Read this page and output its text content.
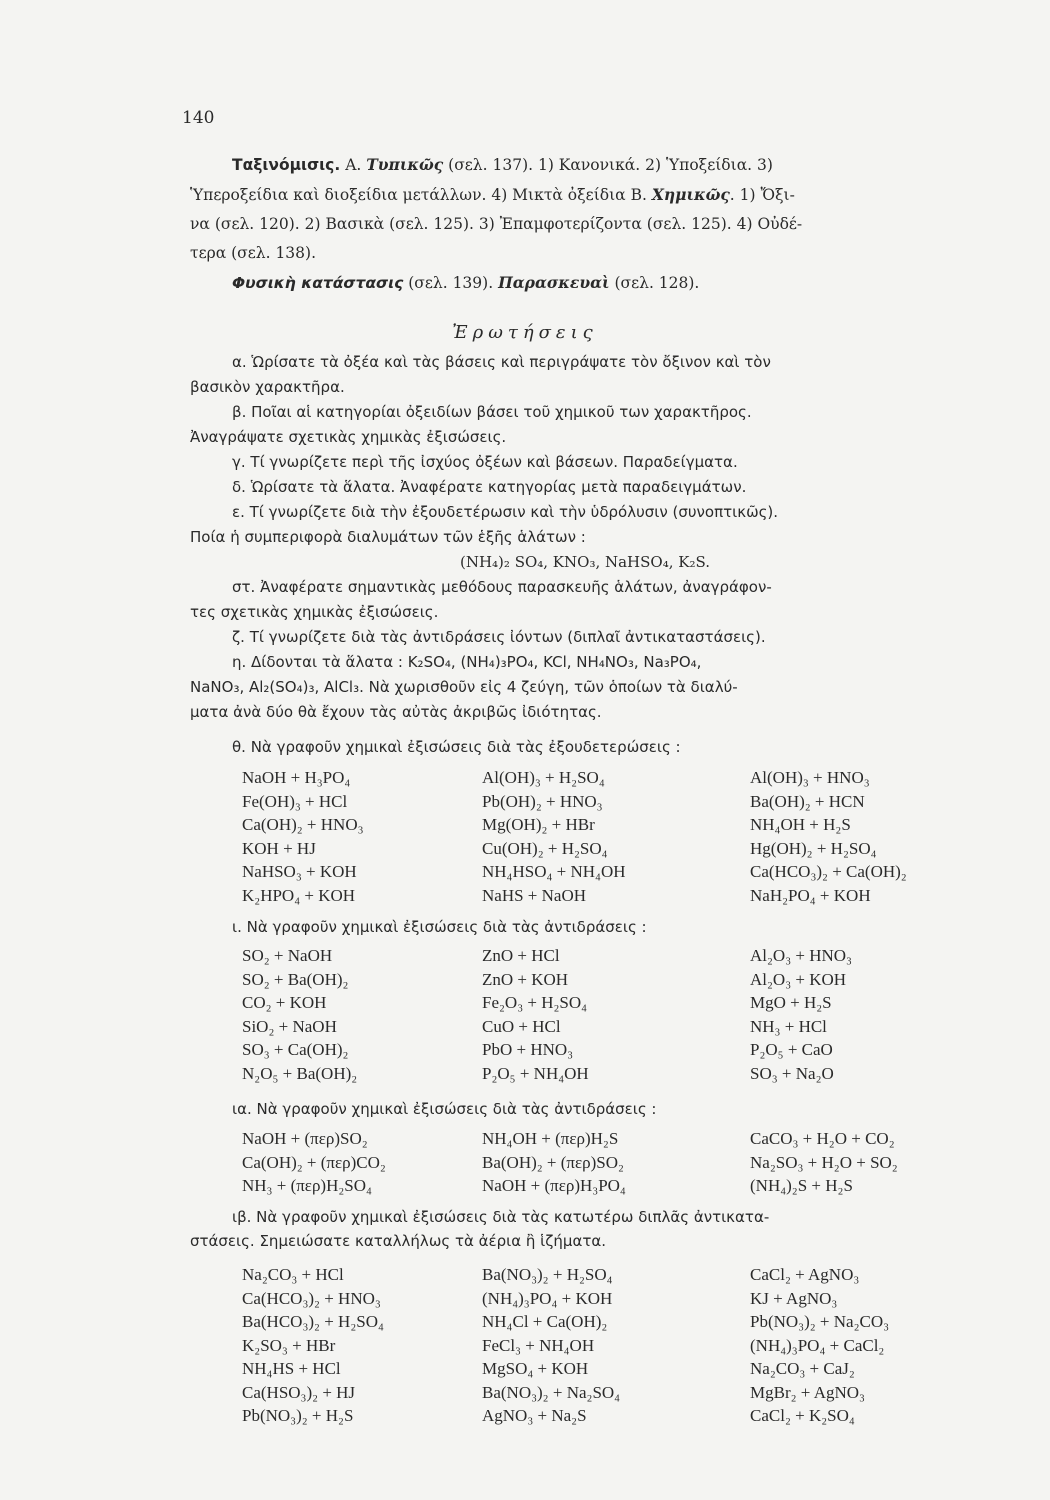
140
Ταξινόμισις. Α. Τυπικῶς (σελ. 137). 1) Κανονικά. 2) Ὑποξείδια. 3)
Ὑπεροξείδια καὶ διοξείδια μετάλλων. 4) Μικτὰ ὀξείδια Β. Χημικῶς. 1) Ὄξι-
να (σελ. 120). 2) Βασικὰ (σελ. 125). 3) Ἐπαμφοτερίζοντα (σελ. 125). 4) Οὐδέ-
τερα (σελ. 138).
Φυσικὴ κατάστασις (σελ. 139). Παρασκευαὶ (σελ. 128).
Ἐρωτήσεις
α. Ὡρίσατε τὰ ὀξέα καὶ τὰς βάσεις καὶ περιγράψατε τὸν ὄξινον καὶ τὸν
βασικὸν χαρακτῆρα.
β. Ποῖαι αἱ κατηγορίαι ὀξειδίων βάσει τοῦ χημικοῦ των χαρακτῆρος.
Ἀναγράψατε σχετικὰς χημικὰς ἐξισώσεις.
γ. Τί γνωρίζετε περὶ τῆς ἰσχύος ὀξέων καὶ βάσεων. Παραδείγματα.
δ. Ὡρίσατε τὰ ἅλατα. Ἀναφέρατε κατηγορίας μετὰ παραδειγμάτων.
ε. Τί γνωρίζετε διὰ τὴν ἐξουδετέρωσιν καὶ τὴν ὑδρόλυσιν (συνοπτικῶς).
Ποία ἡ συμπεριφορὰ διαλυμάτων τῶν ἑξῆς ἁλάτων :
(NH₄)₂ SO₄, KNO₃, NaHSO₄, K₂S.
στ. Ἀναφέρατε σημαντικὰς μεθόδους παρασκευῆς ἁλάτων, ἀναγράφον-
τες σχετικὰς χημικὰς ἐξισώσεις.
ζ. Τί γνωρίζετε διὰ τὰς ἀντιδράσεις ἰόντων (διπλαῖ ἀντικαταστάσεις).
η. Δίδονται τὰ ἅλατα : K₂SO₄, (NH₄)₃PO₄, KCl, NH₄NO₃, Na₃PO₄,
NaNO₃, Al₂(SO₄)₃, AlCl₃. Νὰ χωρισθοῦν εἰς 4 ζεύγη, τῶν ὁποίων τὰ διαλύ-
ματα ἀνὰ δύο θὰ ἔχουν τὰς αὐτὰς ἀκριβῶς ἰδιότητας.
θ. Νὰ γραφοῦν χημικαὶ ἐξισώσεις διὰ τὰς ἐξουδετερώσεις :
NaOH + H₃PO₄	Al(OH)₃ + H₂SO₄	Al(OH)₃ + HNO₃
Fe(OH)₃ + HCl	Pb(OH)₂ + HNO₃	Ba(OH)₂ + HCN
Ca(OH)₂ + HNO₃	Mg(OH)₂ + HBr	NH₄OH + H₂S
KOH + HJ	Cu(OH)₂ + H₂SO₄	Hg(OH)₂ + H₂SO₄
NaHSO₃ + KOH	NH₄HSO₄ + NH₄OH	Ca(HCO₃)₂ + Ca(OH)₂
K₂HPO₄ + KOH	NaHS + NaOH	NaH₂PO₄ + KOH
ι. Νὰ γραφοῦν χημικαὶ ἐξισώσεις διὰ τὰς ἀντιδράσεις :
SO₂ + NaOH	ZnO + HCl	Al₂O₃ + HNO₃
SO₂ + Ba(OH)₂	ZnO + KOH	Al₂O₃ + KOH
CO₂ + KOH	Fe₂O₃ + H₂SO₄	MgO + H₂S
SiO₂ + NaOH	CuO + HCl	NH₃ + HCl
SO₃ + Ca(OH)₂	PbO + HNO₃	P₂O₅ + CaO
N₂O₅ + Ba(OH)₂	P₂O₅ + NH₄OH	SO₃ + Na₂O
ια. Νὰ γραφοῦν χημικαὶ ἐξισώσεις διὰ τὰς ἀντιδράσεις :
NaOH + (περ)SO₂	NH₄OH + (περ)H₂S	CaCO₃ + H₂O + CO₂
Ca(OH)₂ + (περ)CO₂	Ba(OH)₂ + (περ)SO₂	Na₂SO₃ + H₂O + SO₂
NH₃ + (περ)H₂SO₄	NaOH + (περ)H₃PO₄	(NH₄)₂S + H₂S
ιβ. Νὰ γραφοῦν χημικαὶ ἐξισώσεις διὰ τὰς κατωτέρω διπλᾶς ἀντικατα-
στάσεις. Σημειώσατε καταλλήλως τὰ ἀέρια ἢ ἱζήματα.
Na₂CO₃ + HCl	Ba(NO₃)₂ + H₂SO₄	CaCl₂ + AgNO₃
Ca(HCO₃)₂ + HNO₃	(NH₄)₃PO₄ + KOH	KJ + AgNO₃
Ba(HCO₃)₂ + H₂SO₄	NH₄Cl + Ca(OH)₂	Pb(NO₃)₂ + Na₂CO₃
K₂SO₃ + HBr	FeCl₃ + NH₄OH	(NH₄)₃PO₄ + CaCl₂
NH₄HS + HCl	MgSO₄ + KOH	Na₂CO₃ + CaJ₂
Ca(HSO₃)₂ + HJ	Ba(NO₃)₂ + Na₂SO₄	MgBr₂ + AgNO₃
Pb(NO₃)₂ + H₂S	AgNO₃ + Na₂S	CaCl₂ + K₂SO₄
